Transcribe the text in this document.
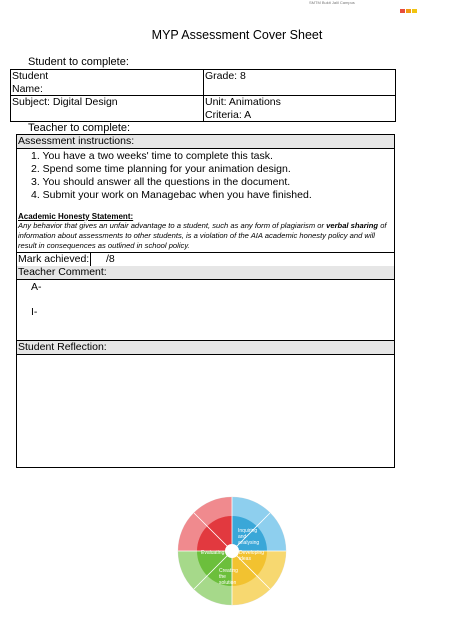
SMTM Bukit Jalil Campus
MYP Assessment Cover Sheet
Student to complete:
Student Name:	Grade: 8
Subject: Digital Design	Unit: Animations
Criteria: A
Teacher to complete:
Assessment instructions:
1. You have a two weeks' time to complete this task.
2. Spend some time planning for your animation design.
3. You should answer all the questions in the document.
4. Submit your work on Managebac when you have finished.
Academic Honesty Statement:
Any behavior that gives an unfair advantage to a student, such as any form of plagiarism or verbal sharing of information about assessments to other students, is a violation of the AIA academic honesty policy and will result in consequences as outlined in school policy.
Mark achieved: /8
Teacher Comment:
A-
I-
Student Reflection:
Inquiring and analysing
Developing ideas
Creating the solution
Evaluating
